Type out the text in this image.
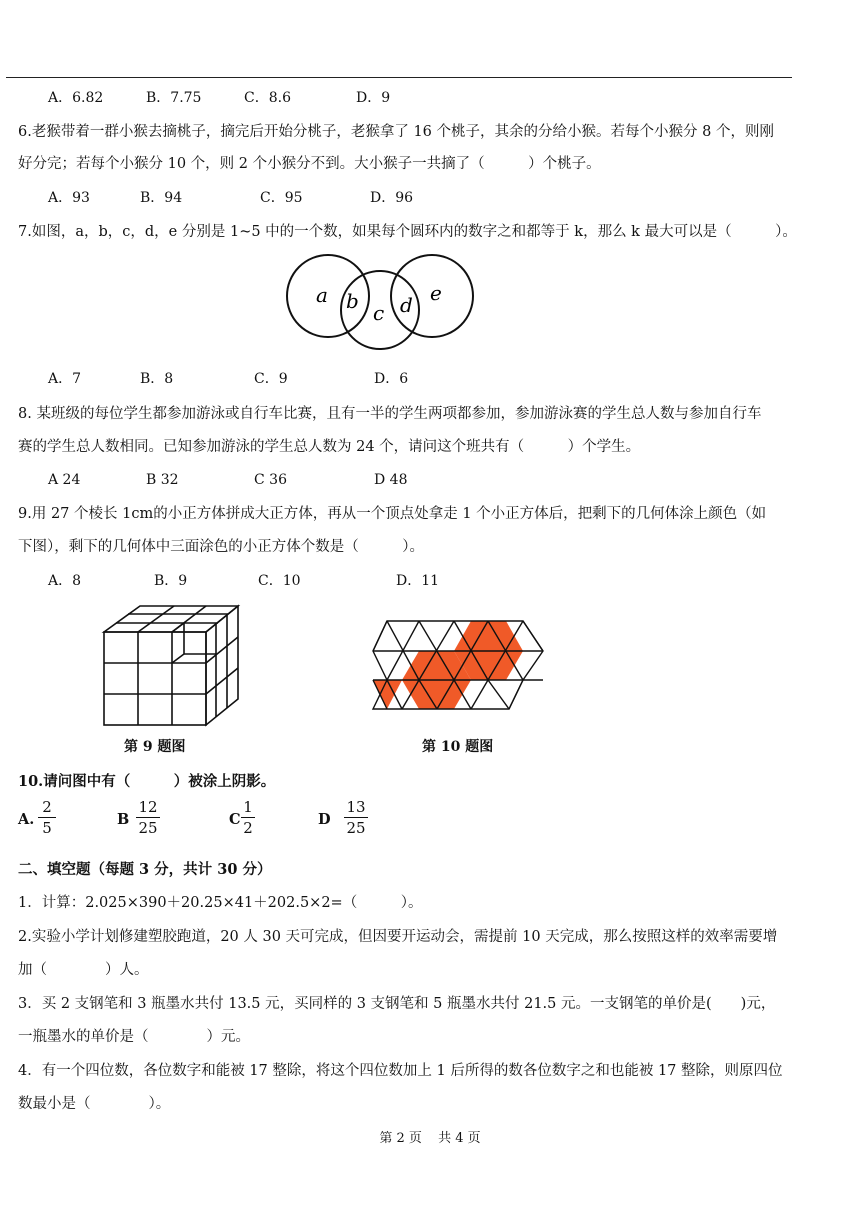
A．6.82	B．7.75	C．8.6	D．9
6.老猴带着一群小猴去摘桃子，摘完后开始分桃子，老猴拿了 16 个桃子，其余的分给小猴。若每个小猴分 8 个，则刚
好分完；若每个小猴分 10 个，则 2 个小猴分不到。大小猴子一共摘了（　　　）个桃子。
A．93	B．94	C．95	D．96
7.如图，a，b，c，d，e 分别是 1~5 中的一个数，如果每个圆环内的数字之和都等于 k，那么 k 最大可以是（　　　）。
a b c d e
A．7	B．8	C．9	D．6
8. 某班级的每位学生都参加游泳或自行车比赛，且有一半的学生两项都参加，参加游泳赛的学生总人数与参加自行车
赛的学生总人数相同。已知参加游泳的学生总人数为 24 个，请问这个班共有（　　　）个学生。
A 24	B 32	C 36	D 48
9.用 27 个棱长 1cm的小正方体拼成大正方体，再从一个顶点处拿走 1 个小正方体后，把剩下的几何体涂上颜色（如
下图），剩下的几何体中三面涂色的小正方体个数是（　　　）。
A．8	B．9	C．10	D．11
第 9 题图	第 10 题图
10.请问图中有（　　　）被涂上阴影。
A.
2
5	B
12
25	C
1
2	D
13
25
二、填空题（每题 3 分，共计 30 分）
1．计算：2.025×390＋20.25×41＋202.5×2=（　　　）。
2.实验小学计划修建塑胶跑道，20 人 30 天可完成，但因要开运动会，需提前 10 天完成，那么按照这样的效率需要增
加（　　　　）人。
3．买 2 支钢笔和 3 瓶墨水共付 13.5 元，买同样的 3 支钢笔和 5 瓶墨水共付 21.5 元。一支钢笔的单价是(　　)元，
一瓶墨水的单价是（　　　　）元。
4．有一个四位数，各位数字和能被 17 整除，将这个四位数加上 1 后所得的数各位数字之和也能被 17 整除，则原四位
数最小是（　　　　）。
第 2 页 共 4 页
